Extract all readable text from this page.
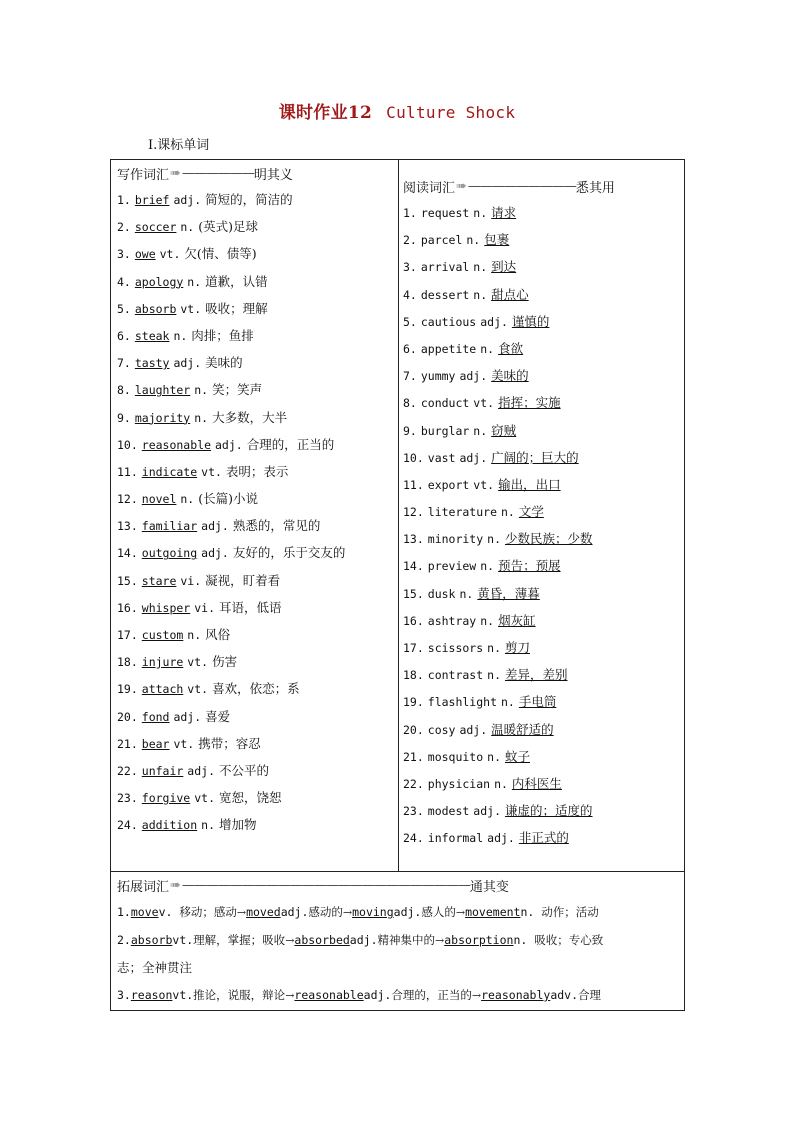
课时作业12 Culture Shock
Ⅰ.课标单词
写作词汇 ➠ —————— 明其义
1. brief adj. 简短的，简洁的
2. soccer n. (英式)足球
3. owe vt. 欠(情、债等)
4. apology n. 道歉，认错
5. absorb vt. 吸收；理解
6. steak n. 肉排；鱼排
7. tasty adj. 美味的
8. laughter n. 笑；笑声
9. majority n. 大多数，大半
10. reasonable adj. 合理的，正当的
11. indicate vt. 表明；表示
12. novel n. (长篇)小说
13. familiar adj. 熟悉的，常见的
14. outgoing adj. 友好的，乐于交友的
15. stare vi. 凝视，盯着看
16. whisper vi. 耳语，低语
17. custom n. 风俗
18. injure vt. 伤害
19. attach vt. 喜欢，依恋；系
20. fond adj. 喜爱
21. bear vt. 携带；容忍
22. unfair adj. 不公平的
23. forgive vt. 宽恕，饶恕
24. addition n. 增加物
阅读词汇 ➠ ————————— 悉其用
1. request n. 请求
2. parcel n. 包裹
3. arrival n. 到达
4. dessert n. 甜点心
5. cautious adj. 谨慎的
6. appetite n. 食欲
7. yummy adj. 美味的
8. conduct vt. 指挥；实施
9. burglar n. 窃贼
10. vast adj. 广阔的；巨大的
11. export vt. 输出，出口
12. literature n. 文学
13. minority n. 少数民族；少数
14. preview n. 预告；预展
15. dusk n. 黄昏，薄暮
16. ashtray n. 烟灰缸
17. scissors n. 剪刀
18. contrast n. 差异，差别
19. flashlight n. 手电筒
20. cosy adj. 温暖舒适的
21. mosquito n. 蚊子
22. physician n. 内科医生
23. modest adj. 谦虚的；适度的
24. informal adj. 非正式的
拓展词汇 ➠ ———————————————————————— 通其变
1.movev. 移动；感动→movedadj.感动的→movingadj.感人的→movementn. 动作；活动
2.absorbvt.理解，掌握；吸收→absorbedadj.精神集中的→absorptionn. 吸收；专心致
志；全神贯注
3.reasonvt.推论，说服，辩论→reasonableadj.合理的，正当的→reasonablyadv.合理
